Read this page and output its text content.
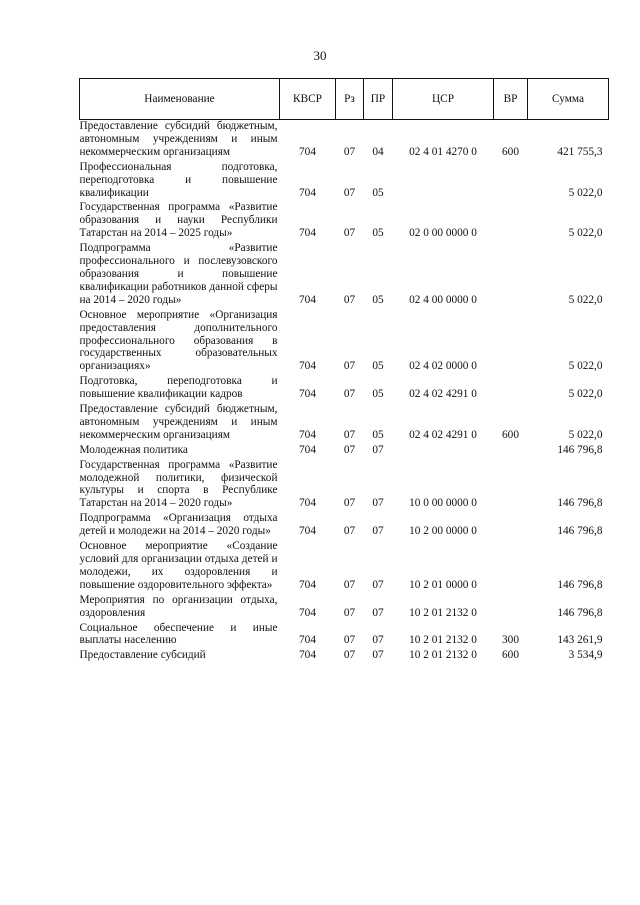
30
Наименование	КВСР	Рз	ПР	ЦСР	ВР	Сумма
Предоставление субсидий бюджетным, автономным учреждениям и иным некоммерческим организациям	704	07	04	02 4 01 4270 0	600	421 755,3
Профессиональная подготовка, переподготовка и повышение квалификации	704	07	05			5 022,0
Государственная программа «Развитие образования и науки Республики Татарстан на 2014 – 2025 годы»	704	07	05	02 0 00 0000 0		5 022,0
Подпрограмма «Развитие профессионального и послевузовского образования и повышение квалификации работников данной сферы на 2014 – 2020 годы»	704	07	05	02 4 00 0000 0		5 022,0
Основное мероприятие «Организация предоставления дополнительного профессионального образования в государственных образовательных организациях»	704	07	05	02 4 02 0000 0		5 022,0
Подготовка, переподготовка и повышение квалификации кадров	704	07	05	02 4 02 4291 0		5 022,0
Предоставление субсидий бюджетным, автономным учреждениям и иным некоммерческим организациям	704	07	05	02 4 02 4291 0	600	5 022,0
Молодежная политика	704	07	07			146 796,8
Государственная программа «Развитие молодежной политики, физической культуры и спорта в Республике Татарстан на 2014 – 2020 годы»	704	07	07	10 0 00 0000 0		146 796,8
Подпрограмма «Организация отдыха детей и молодежи на 2014 – 2020 годы»	704	07	07	10 2 00 0000 0		146 796,8
Основное мероприятие «Создание условий для организации отдыха детей и молодежи, их оздоровления и повышение оздоровительного эффекта»	704	07	07	10 2 01 0000 0		146 796,8
Мероприятия по организации отдыха, оздоровления	704	07	07	10 2 01 2132 0		146 796,8
Социальное обеспечение и иные выплаты населению	704	07	07	10 2 01 2132 0	300	143 261,9
Предоставление субсидий	704	07	07	10 2 01 2132 0	600	3 534,9
